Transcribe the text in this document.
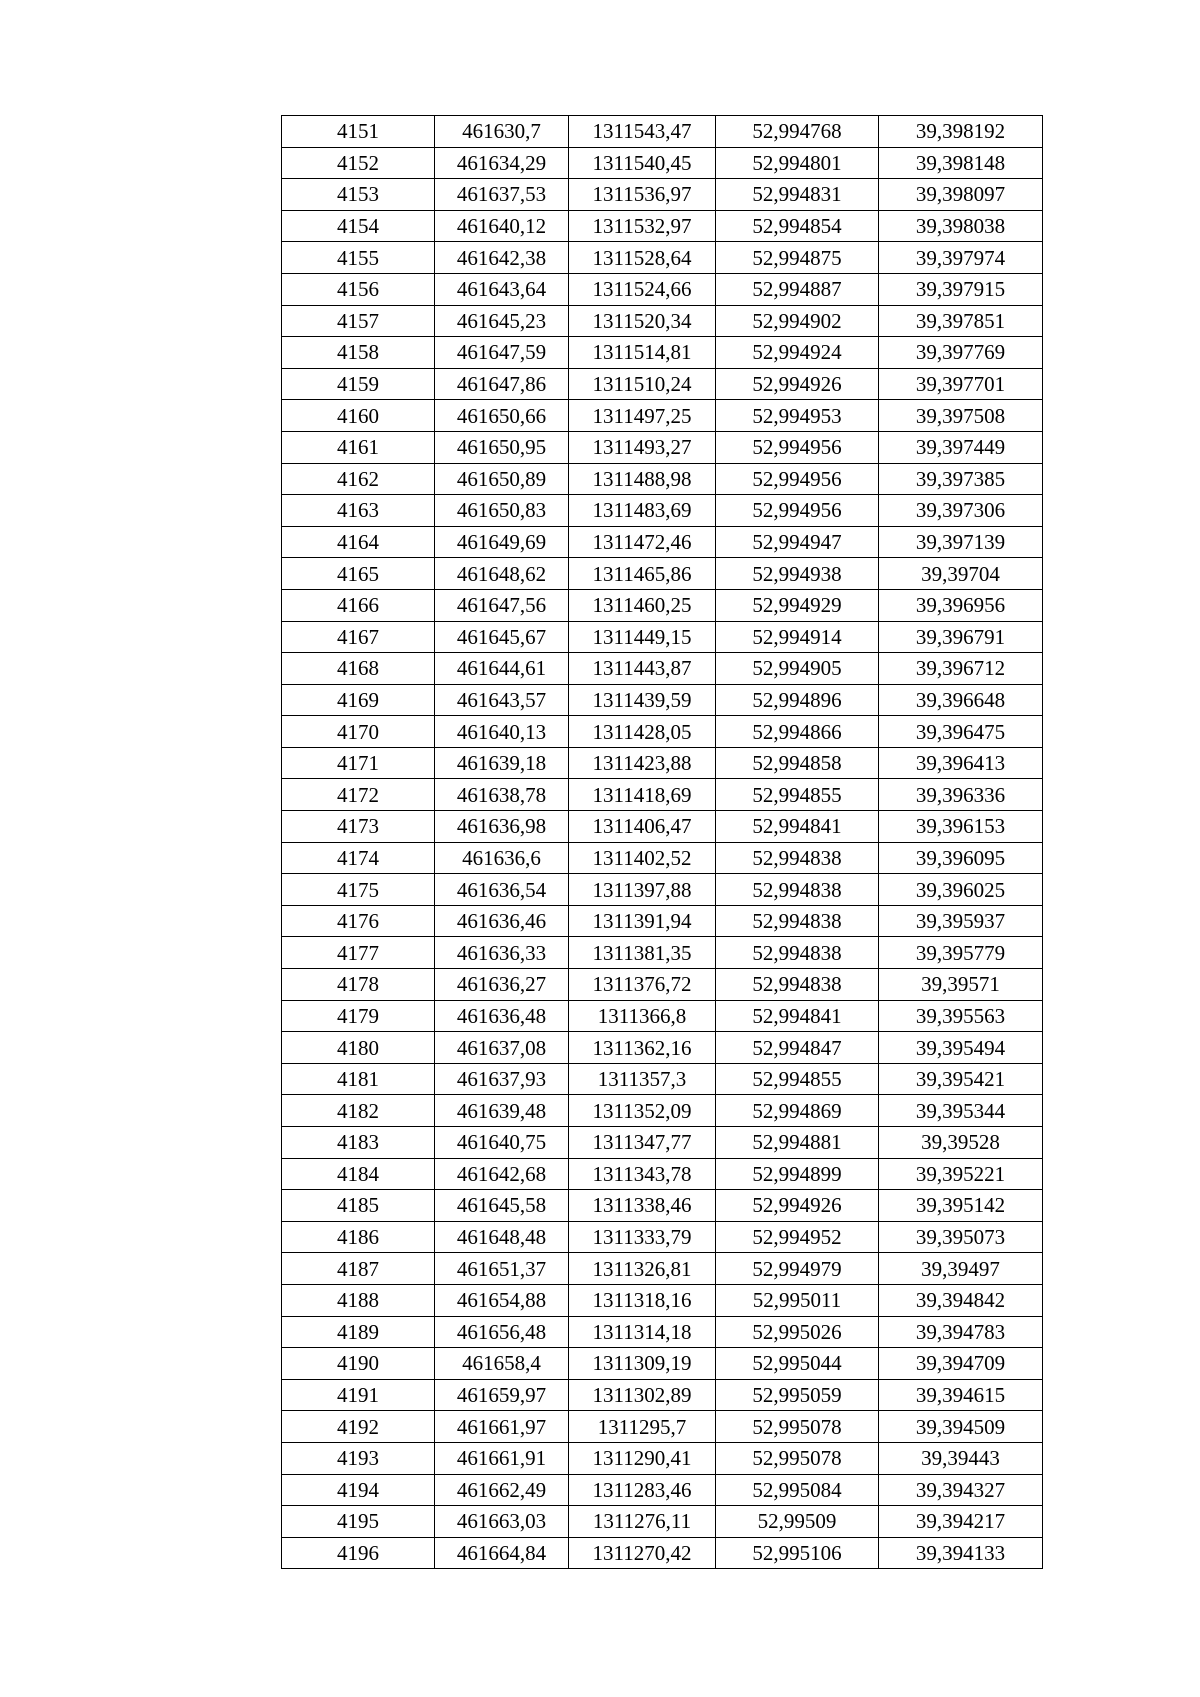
4151	461630,7	1311543,47	52,994768	39,398192
4152	461634,29	1311540,45	52,994801	39,398148
4153	461637,53	1311536,97	52,994831	39,398097
4154	461640,12	1311532,97	52,994854	39,398038
4155	461642,38	1311528,64	52,994875	39,397974
4156	461643,64	1311524,66	52,994887	39,397915
4157	461645,23	1311520,34	52,994902	39,397851
4158	461647,59	1311514,81	52,994924	39,397769
4159	461647,86	1311510,24	52,994926	39,397701
4160	461650,66	1311497,25	52,994953	39,397508
4161	461650,95	1311493,27	52,994956	39,397449
4162	461650,89	1311488,98	52,994956	39,397385
4163	461650,83	1311483,69	52,994956	39,397306
4164	461649,69	1311472,46	52,994947	39,397139
4165	461648,62	1311465,86	52,994938	39,39704
4166	461647,56	1311460,25	52,994929	39,396956
4167	461645,67	1311449,15	52,994914	39,396791
4168	461644,61	1311443,87	52,994905	39,396712
4169	461643,57	1311439,59	52,994896	39,396648
4170	461640,13	1311428,05	52,994866	39,396475
4171	461639,18	1311423,88	52,994858	39,396413
4172	461638,78	1311418,69	52,994855	39,396336
4173	461636,98	1311406,47	52,994841	39,396153
4174	461636,6	1311402,52	52,994838	39,396095
4175	461636,54	1311397,88	52,994838	39,396025
4176	461636,46	1311391,94	52,994838	39,395937
4177	461636,33	1311381,35	52,994838	39,395779
4178	461636,27	1311376,72	52,994838	39,39571
4179	461636,48	1311366,8	52,994841	39,395563
4180	461637,08	1311362,16	52,994847	39,395494
4181	461637,93	1311357,3	52,994855	39,395421
4182	461639,48	1311352,09	52,994869	39,395344
4183	461640,75	1311347,77	52,994881	39,39528
4184	461642,68	1311343,78	52,994899	39,395221
4185	461645,58	1311338,46	52,994926	39,395142
4186	461648,48	1311333,79	52,994952	39,395073
4187	461651,37	1311326,81	52,994979	39,39497
4188	461654,88	1311318,16	52,995011	39,394842
4189	461656,48	1311314,18	52,995026	39,394783
4190	461658,4	1311309,19	52,995044	39,394709
4191	461659,97	1311302,89	52,995059	39,394615
4192	461661,97	1311295,7	52,995078	39,394509
4193	461661,91	1311290,41	52,995078	39,39443
4194	461662,49	1311283,46	52,995084	39,394327
4195	461663,03	1311276,11	52,99509	39,394217
4196	461664,84	1311270,42	52,995106	39,394133
